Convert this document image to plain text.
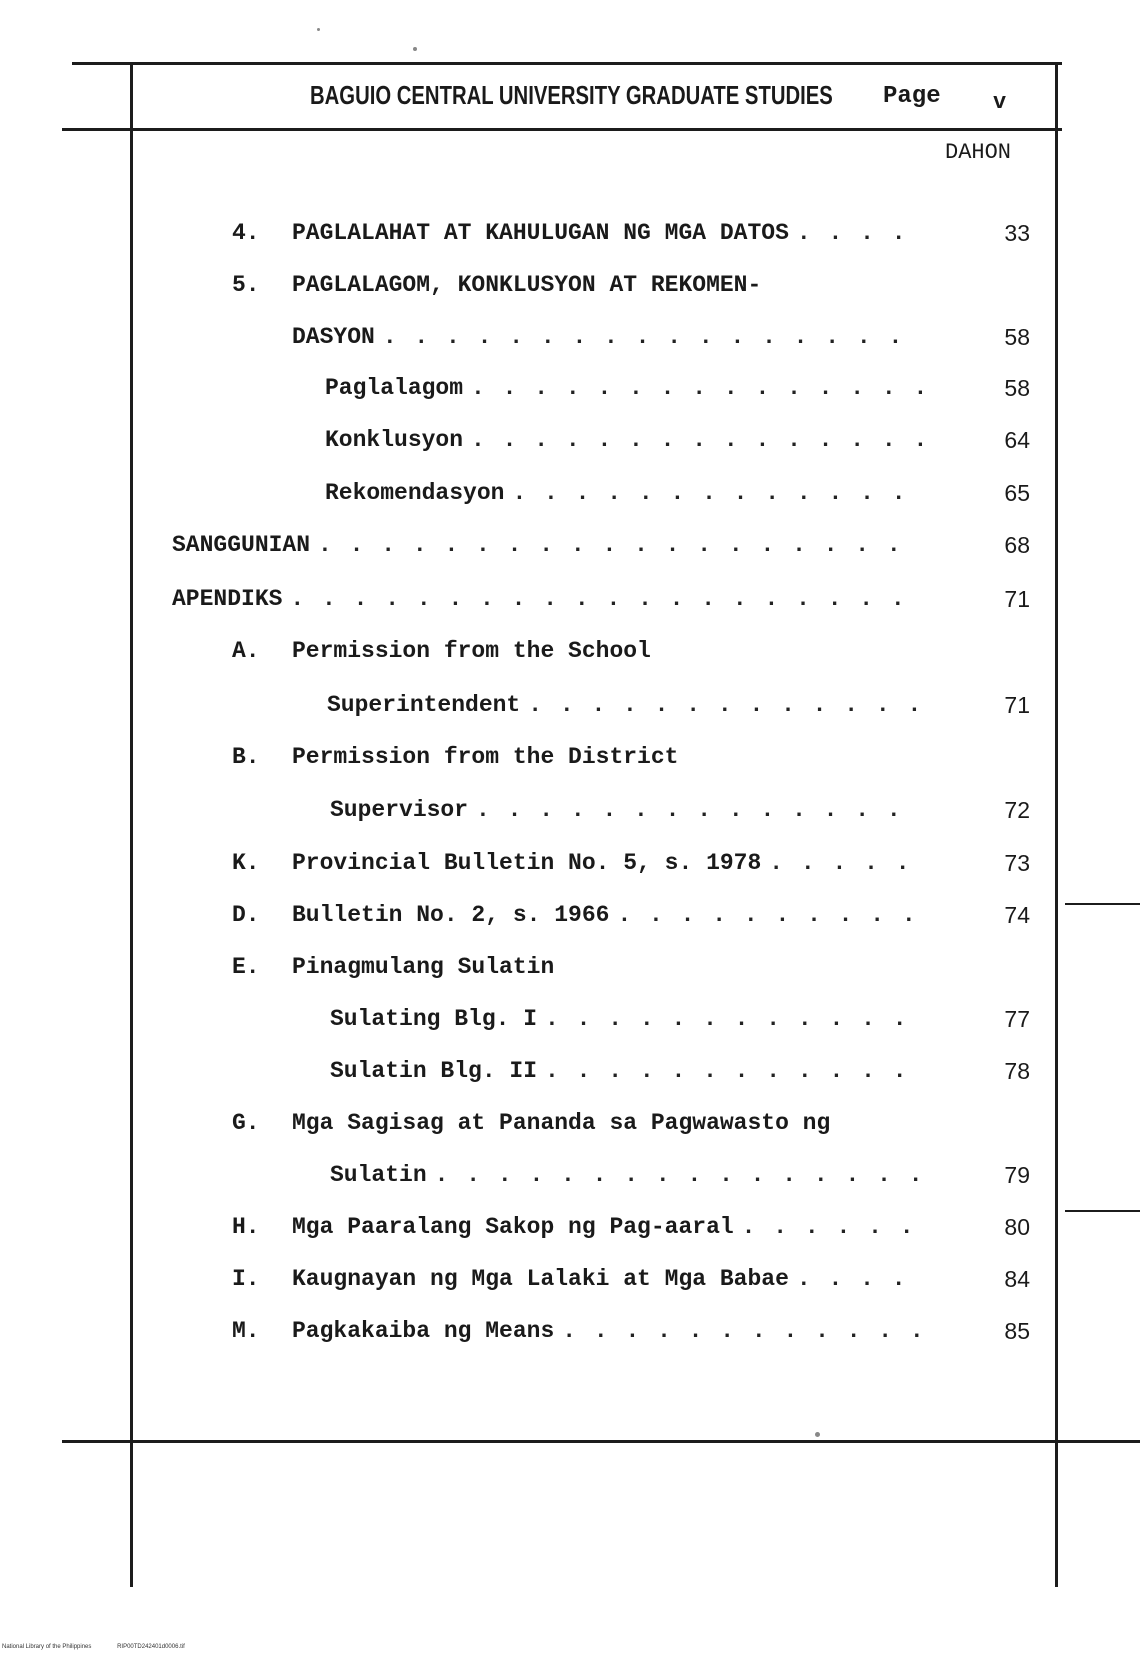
BAGUIO CENTRAL UNIVERSITY GRADUATE STUDIES Page v
DAHON
4.	PAGLALAHAT AT KAHULUGAN NG MGA DATOS . . .	33
5.	PAGLALAGOM, KONKLUSYON AT REKOMEN-
DASYON . . .	58
Paglalagom . . .	58
Konklusyon . . .	64
Rekomendasyon . . .	65
SANGGUNIAN . . .	68
APENDIKS . . .	71
A.	Permission from the School
Superintendent . . .	71
B.	Permission from the District
Supervisor . . .	72
K.	Provincial Bulletin No. 5, s. 1978 . . .	73
D.	Bulletin No. 2, s. 1966 . . .	74
E.	Pinagmulang Sulatin
Sulating Blg. I . . .	77
Sulatin Blg. II . . .	78
G.	Mga Sagisag at Pananda sa Pagwawasto ng
Sulatin . . .	79
H.	Mga Paaralang Sakop ng Pag-aaral . . .	80
I.	Kaugnayan ng Mga Lalaki at Mga Babae . . .	84
M.	Pagkakaiba ng Means . . .	85
National Library of the Philippines	RIP00TD242401d0006.tif
